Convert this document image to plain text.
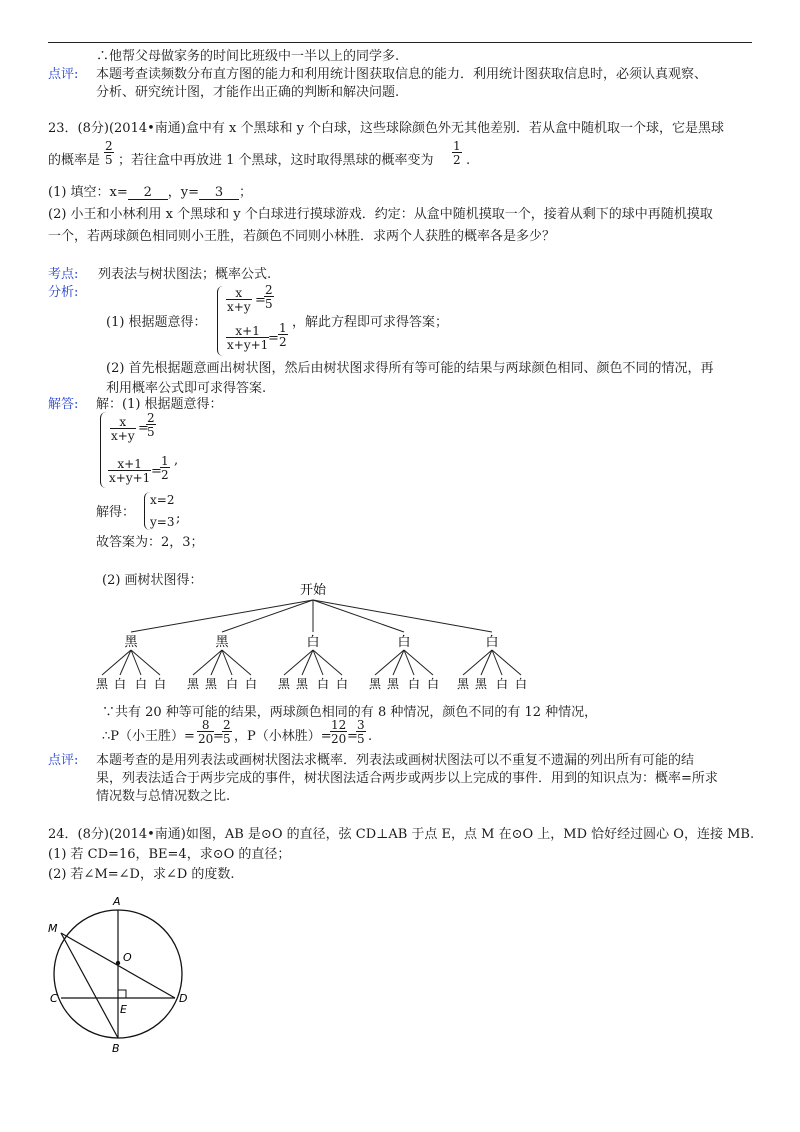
∴他帮父母做家务的时间比班级中一半以上的同学多.
点评: 本题考查读频数分布直方图的能力和利用统计图获取信息的能力．利用统计图获取信息时，必须认真观察、
分析、研究统计图，才能作出正确的判断和解决问题.
23．(8分)(2014•南通)盒中有 x 个黑球和 y 个白球，这些球除颜色外无其他差别．若从盒中随机取一个球，它是黑球
的概率是
2
5 ；若往盒中再放进 1 个黑球，这时取得黑球的概率变为
1
2 .
(1) 填空：x= 2 ，y= 3 ；
(2) 小王和小林利用 x 个黑球和 y 个白球进行摸球游戏．约定：从盒中随机摸取一个，接着从剩下的球中再随机摸取
一个，若两球颜色相同则小王胜，若颜色不同则小林胜．求两个人获胜的概率各是多少？
考点: 列表法与树状图法；概率公式.
分析:
(1) 根据题意得：
x
x+y =
2
5
x+1
x+y+1 =
1
2
，解此方程即可求得答案；
(2) 首先根据题意画出树状图，然后由树状图求得所有等可能的结果与两球颜色相同、颜色不同的情况，再
利用概率公式即可求得答案.
解答: 解：(1) 根据题意得：
x
x+y =
2
5
x+1
x+y+1 =
1
2
,
解得：
x=2
y=3 ;
故答案为：2，3；
(2) 画树状图得：
开始
黑
黑 白 白 白
黑
黑 黑 白 白
白
黑 黑 白 白
白
黑 黑 白 白
白
黑 黑 白 白
∵共有 20 种等可能的结果，两球颜色相同的有 8 种情况，颜色不同的有 12 种情况，
∴P（小王胜）=
8
20 =
2
5 ，P（小林胜）=
12
20 =
3
5 .
点评: 本题考查的是用列表法或画树状图法求概率．列表法或画树状图法可以不重复不遗漏的列出所有可能的结
果，列表法适合于两步完成的事件，树状图法适合两步或两步以上完成的事件．用到的知识点为：概率=所求
情况数与总情况数之比.
24．(8分)(2014•南通)如图，AB 是⊙O 的直径，弦 CD⊥AB 于点 E，点 M 在⊙O 上，MD 恰好经过圆心 O，连接 MB.
(1) 若 CD=16，BE=4，求⊙O 的直径；
(2) 若∠M=∠D，求∠D 的度数.
A
B
C	D
E
M
O
